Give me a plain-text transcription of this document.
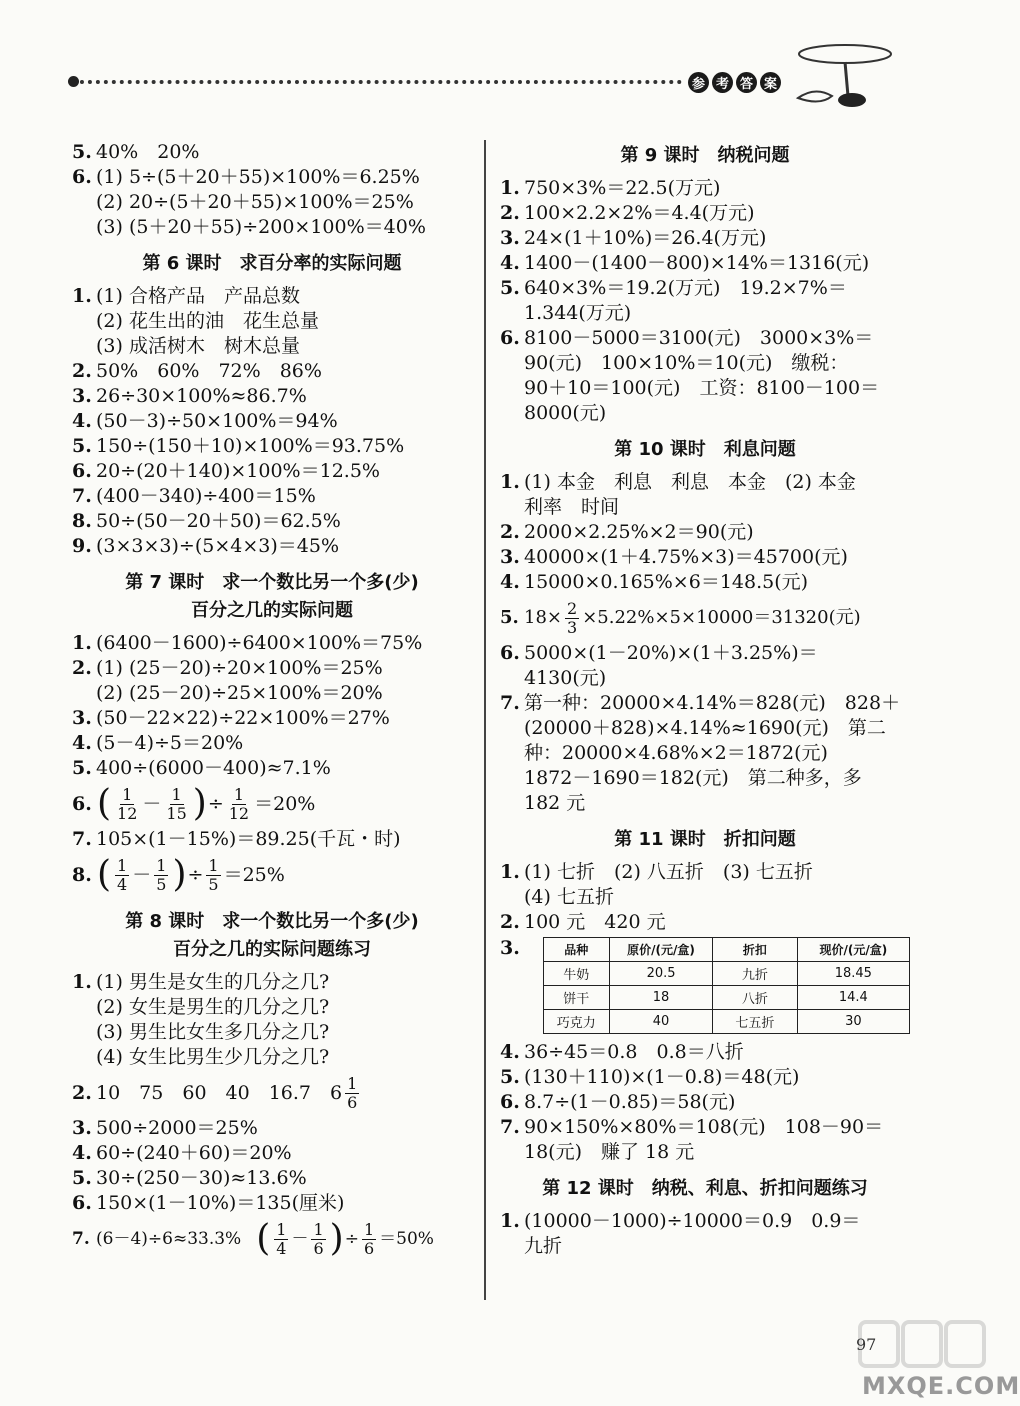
参 考 答 案
5. 40%　20%
6. (1) 5÷(5＋20＋55)×100%＝6.25%
(2) 20÷(5＋20＋55)×100%＝25%
(3) (5＋20＋55)÷200×100%＝40%
第 6 课时　求百分率的实际问题
1. (1) 合格产品　产品总数
(2) 花生出的油　花生总量
(3) 成活树木　树木总量
2. 50%　60%　72%　86%
3. 26÷30×100%≈86.7%
4. (50－3)÷50×100%＝94%
5. 150÷(150＋10)×100%＝93.75%
6. 20÷(20＋140)×100%＝12.5%
7. (400－340)÷400＝15%
8. 50÷(50－20＋50)＝62.5%
9. (3×3×3)÷(5×4×3)＝45%
第 7 课时　求一个数比另一个多(少)
百分之几的实际问题
1. (6400－1600)÷6400×100%＝75%
2. (1) (25－20)÷20×100%＝25%
(2) (25－20)÷25×100%＝20%
3. (50－22×22)÷22×100%＝27%
4. (5－4)÷5＝20%
5. 400÷(6000－400)≈7.1%
6. ( $\frac{1}{12} - \frac{1}{15}$ ) ÷ $\frac{1}{12} =20\%$
7. 105×(1－15%)＝89.25(千瓦・时)
8. ( $\frac{1}{4} - \frac{1}{5}$ ) ÷ $\frac{1}{5} =25\%$
第 8 课时　求一个数比另一个多(少)
百分之几的实际问题练习
1. (1) 男生是女生的几分之几?
(2) 女生是男生的几分之几?
(3) 男生比女生多几分之几?
(4) 女生比男生少几分之几?
2. 10　75　60　40　16.7　$6 \frac{1}{6}$
3. 500÷2000＝25%
4. 60÷(240＋60)＝20%
5. 30÷(250－30)≈13.6%
6. 150×(1－10%)＝135(厘米)
7. (6－4)÷6≈33.3% ( $\frac{1}{4} - \frac{1}{6}$ ) ÷ $\frac{1}{6} =50\%$
第 9 课时　纳税问题
1. 750×3%＝22.5(万元)
2. 100×2.2×2%＝4.4(万元)
3. 24×(1＋10%)＝26.4(万元)
4. 1400－(1400－800)×14%＝1316(元)
5. 640×3%＝19.2(万元)　19.2×7%＝
1.344(万元)
6. 8100－5000＝3100(元)　3000×3%＝
90(元)　100×10%＝10(元)　缴税：
90＋10＝100(元)　工资：8100－100＝
8000(元)
第 10 课时　利息问题
1. (1) 本金　利息　利息　本金　(2) 本金
利率　时间
2. 2000×2.25%×2＝90(元)
3. 40000×(1＋4.75%×3)＝45700(元)
4. 15000×0.165%×6＝148.5(元)
5. $18\times \frac{2}{3} \times 5.22\%\times 5\times 10000=31320$(元)
6. 5000×(1－20%)×(1＋3.25%)＝
4130(元)
7. 第一种：20000×4.14%＝828(元)　828＋
(20000＋828)×4.14%≈1690(元)　第二
种：20000×4.68%×2＝1872(元)
1872－1690＝182(元)　第二种多，多
182 元
第 11 课时　折扣问题
1. (1) 七折　(2) 八五折　(3) 七五折
(4) 七五折
2. 100 元　420 元
3.	品种	原价/(元/盒)	折扣	现价/(元/盒)
牛奶	20.5	九折	18.45
饼干	18	八折	14.4
巧克力	40	七五折	30
4. 36÷45＝0.8　0.8＝八折
5. (130＋110)×(1－0.8)＝48(元)
6. 8.7÷(1－0.85)＝58(元)
7. 90×150%×80%＝108(元)　108－90＝
18(元)　赚了 18 元
第 12 课时　纳税、利息、折扣问题练习
1. (10000－1000)÷10000＝0.9　0.9＝
九折
97
MXQE.COM
